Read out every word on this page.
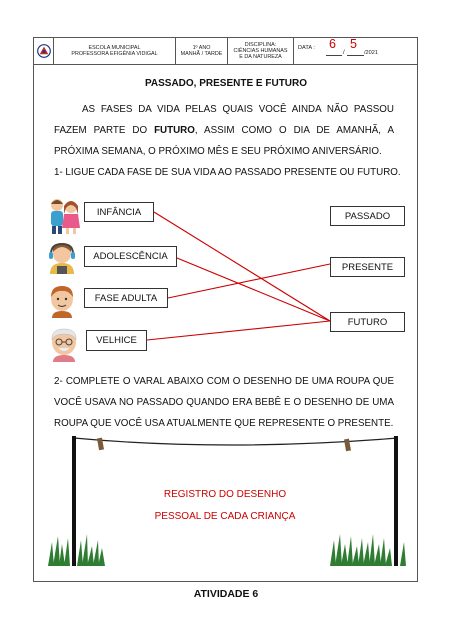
ESCOLA MUNICIPAL
PROFESSORA EFIGÊNIA VIDIGAL
1º ANO
MANHÃ / TARDE
DISCIPLINA:
CIÊNCIAS HUMANAS
E DA NATUREZA
DATA :
/
6 5
/2021
PASSADO, PRESENTE E FUTURO
AS FASES DA VIDA PELAS QUAIS VOCÊ AINDA NÃO PASSOU FAZEM PARTE DO FUTURO, ASSIM COMO O DIA DE AMANHÃ, A PRÓXIMA SEMANA, O PRÓXIMO MÊS E SEU PRÓXIMO ANIVERSÁRIO.
1- LIGUE CADA FASE DE SUA VIDA AO PASSADO PRESENTE OU FUTURO.
INFÂNCIA
ADOLESCÊNCIA
FASE ADULTA
VELHICE
PASSADO
PRESENTE
FUTURO
2- COMPLETE O VARAL ABAIXO COM O DESENHO DE UMA ROUPA QUE VOCÊ USAVA NO PASSADO QUANDO ERA BEBÊ E O DESENHO DE UMA ROUPA QUE VOCÊ USA ATUALMENTE QUE REPRESENTE O PRESENTE.
REGISTRO DO DESENHO
PESSOAL DE CADA CRIANÇA
ATIVIDADE 6
